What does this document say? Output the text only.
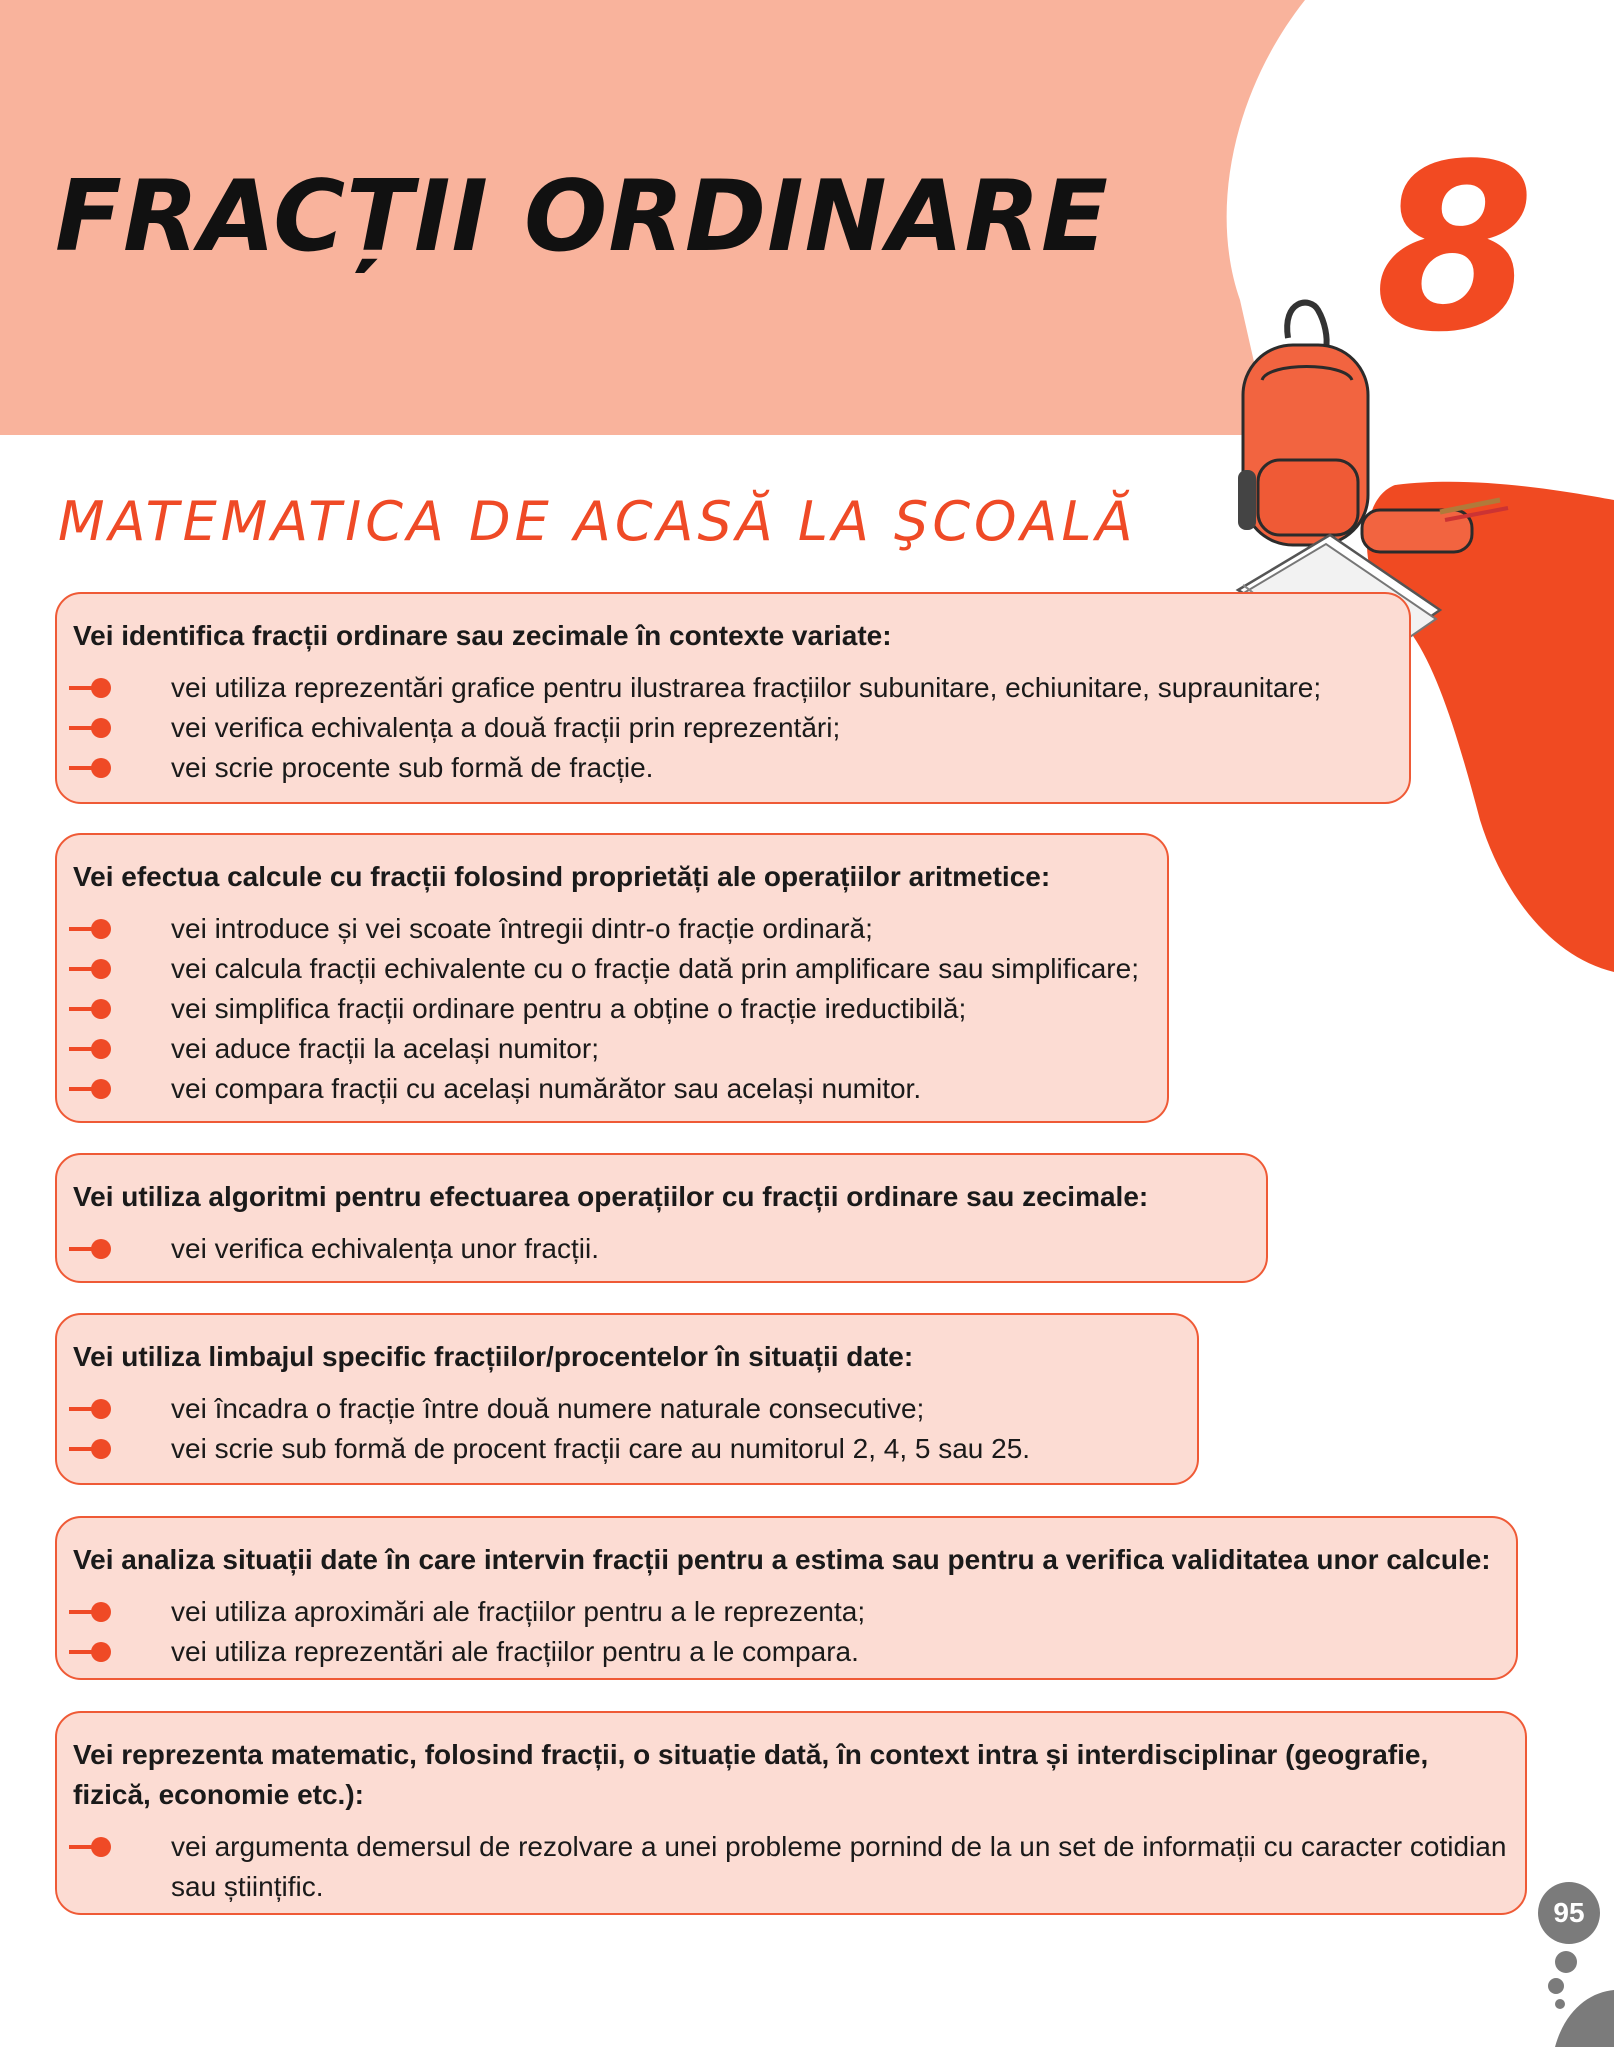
FRACȚII ORDINARE 8
MATEMATICA DE ACASĂ LA ŞCOALĂ

Vei identifica fracții ordinare sau zecimale în contexte variate:

vei utiliza reprezentări grafice pentru ilustrarea fracțiilor subunitare, echiunitare, supraunitare;
vei verifica echivalența a două fracții prin reprezentări;
vei scrie procente sub formă de fracție.

Vei efectua calcule cu fracții folosind proprietăți ale operațiilor aritmetice:

vei introduce și vei scoate întregii dintr-o fracție ordinară;
vei calcula fracții echivalente cu o fracție dată prin amplificare sau simplificare;
vei simplifica fracții ordinare pentru a obține o fracție ireductibilă;
vei aduce fracții la același numitor;
vei compara fracții cu același numărător sau același numitor.

Vei utiliza algoritmi pentru efectuarea operațiilor cu fracții ordinare sau zecimale:

vei verifica echivalența unor fracții.

Vei utiliza limbajul specific fracțiilor/procentelor în situații date:

vei încadra o fracție între două numere naturale consecutive;
vei scrie sub formă de procent fracții care au numitorul 2, 4, 5 sau 25.

Vei analiza situații date în care intervin fracții pentru a estima sau pentru a verifica validitatea unor calcule:

vei utiliza aproximări ale fracțiilor pentru a le reprezenta;
vei utiliza reprezentări ale fracțiilor pentru a le compara.

Vei reprezenta matematic, folosind fracții, o situație dată, în context intra și interdisciplinar (geografie, fizică, economie etc.):

vei argumenta demersul de rezolvare a unei probleme pornind de la un set de informații cu caracter cotidian sau științific.
95
